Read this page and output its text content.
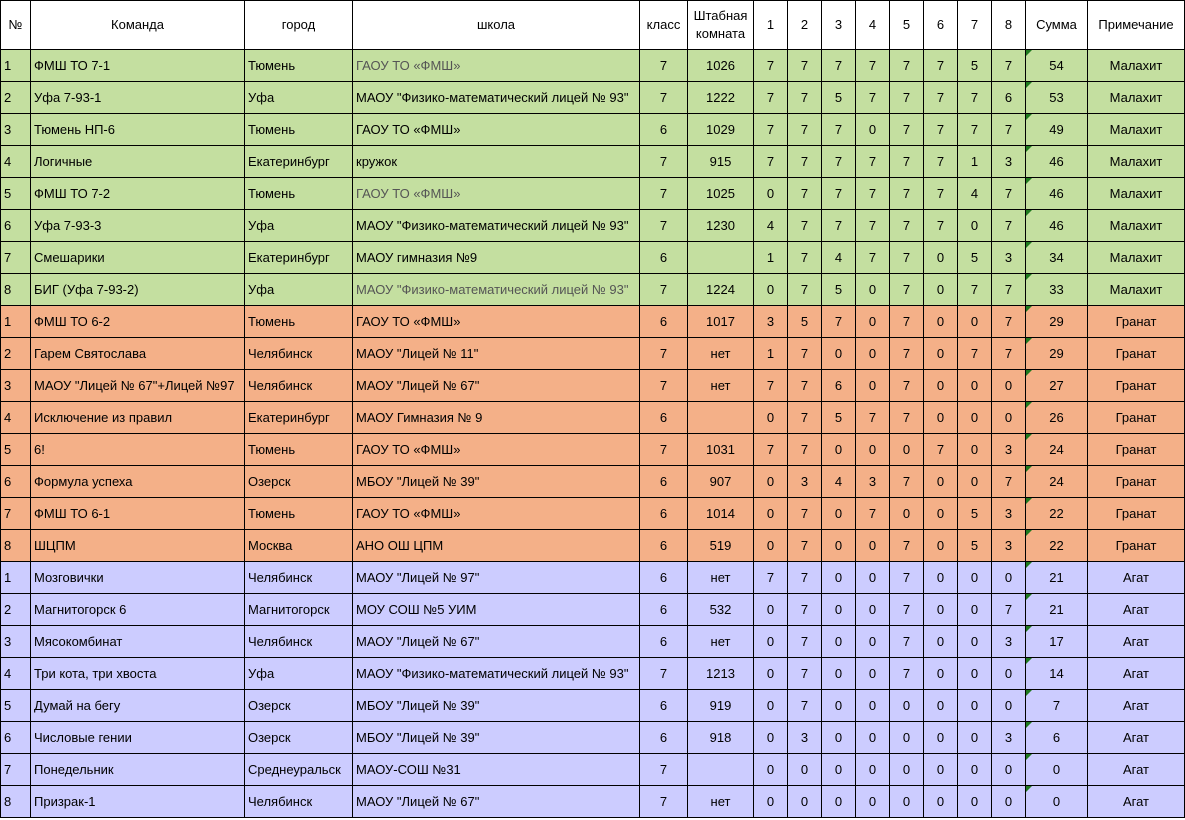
№	Команда	город	школа	класс	Штабная комната	1	2	3	4	5	6	7	8	Сумма	Примечание
1	ФМШ ТО 7-1	Тюмень	ГАОУ ТО «ФМШ»	7	1026	7	7	7	7	7	7	5	7	54	Малахит
2	Уфа 7-93-1	Уфа	МАОУ "Физико-математический лицей № 93"	7	1222	7	7	5	7	7	7	7	6	53	Малахит
3	Тюмень НП-6	Тюмень	ГАОУ ТО «ФМШ»	6	1029	7	7	7	0	7	7	7	7	49	Малахит
4	Логичные	Екатеринбург	кружок	7	915	7	7	7	7	7	7	1	3	46	Малахит
5	ФМШ ТО 7-2	Тюмень	ГАОУ ТО «ФМШ»	7	1025	0	7	7	7	7	7	4	7	46	Малахит
6	Уфа 7-93-3	Уфа	МАОУ "Физико-математический лицей № 93"	7	1230	4	7	7	7	7	7	0	7	46	Малахит
7	Смешарики	Екатеринбург	МАОУ гимназия №9	6		1	7	4	7	7	0	5	3	34	Малахит
8	БИГ (Уфа 7-93-2)	Уфа	МАОУ "Физико-математический лицей № 93"	7	1224	0	7	5	0	7	0	7	7	33	Малахит
1	ФМШ ТО 6-2	Тюмень	ГАОУ ТО «ФМШ»	6	1017	3	5	7	0	7	0	0	7	29	Гранат
2	Гарем Святослава	Челябинск	МАОУ "Лицей № 11"	7	нет	1	7	0	0	7	0	7	7	29	Гранат
3	МАОУ "Лицей № 67"+Лицей №97	Челябинск	МАОУ "Лицей № 67"	7	нет	7	7	6	0	7	0	0	0	27	Гранат
4	Исключение из правил	Екатеринбург	МАОУ Гимназия № 9	6		0	7	5	7	7	0	0	0	26	Гранат
5	6!	Тюмень	ГАОУ ТО «ФМШ»	7	1031	7	7	0	0	0	7	0	3	24	Гранат
6	Формула успеха	Озерск	МБОУ "Лицей № 39"	6	907	0	3	4	3	7	0	0	7	24	Гранат
7	ФМШ ТО 6-1	Тюмень	ГАОУ ТО «ФМШ»	6	1014	0	7	0	7	0	0	5	3	22	Гранат
8	ШЦПМ	Москва	АНО ОШ ЦПМ	6	519	0	7	0	0	7	0	5	3	22	Гранат
1	Мозговички	Челябинск	МАОУ "Лицей № 97"	6	нет	7	7	0	0	7	0	0	0	21	Агат
2	Магнитогорск 6	Магнитогорск	МОУ СОШ №5 УИМ	6	532	0	7	0	0	7	0	0	7	21	Агат
3	Мясокомбинат	Челябинск	МАОУ "Лицей № 67"	6	нет	0	7	0	0	7	0	0	3	17	Агат
4	Три кота, три хвоста	Уфа	МАОУ "Физико-математический лицей № 93"	7	1213	0	7	0	0	7	0	0	0	14	Агат
5	Думай на бегу	Озерск	МБОУ "Лицей № 39"	6	919	0	7	0	0	0	0	0	0	7	Агат
6	Числовые гении	Озерск	МБОУ "Лицей № 39"	6	918	0	3	0	0	0	0	0	3	6	Агат
7	Понедельник	Среднеуральск	МАОУ-СОШ №31	7		0	0	0	0	0	0	0	0	0	Агат
8	Призрак-1	Челябинск	МАОУ "Лицей № 67"	7	нет	0	0	0	0	0	0	0	0	0	Агат
